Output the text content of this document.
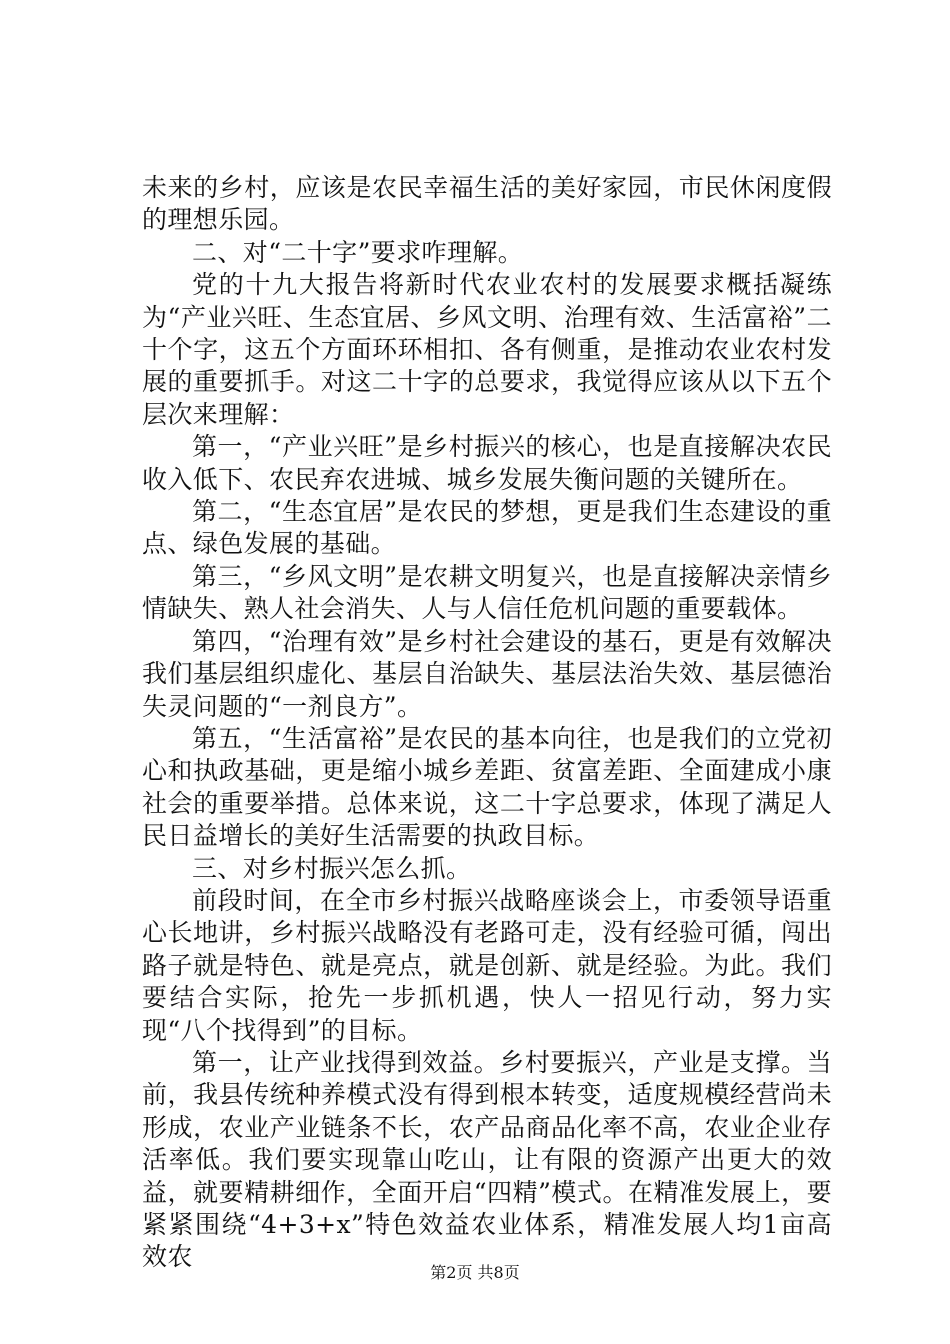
未来的乡村，应该是农民幸福生活的美好家园，市民休闲度假的理想乐园。

二、对“二十字”要求咋理解。

党的十九大报告将新时代农业农村的发展要求概括凝练为“产业兴旺、生态宜居、乡风文明、治理有效、生活富裕”二十个字，这五个方面环环相扣、各有侧重，是推动农业农村发展的重要抓手。对这二十字的总要求，我觉得应该从以下五个层次来理解：

第一，“产业兴旺”是乡村振兴的核心，也是直接解决农民收入低下、农民弃农进城、城乡发展失衡问题的关键所在。

第二，“生态宜居”是农民的梦想，更是我们生态建设的重点、绿色发展的基础。

第三，“乡风文明”是农耕文明复兴，也是直接解决亲情乡情缺失、熟人社会消失、人与人信任危机问题的重要载体。

第四，“治理有效”是乡村社会建设的基石，更是有效解决我们基层组织虚化、基层自治缺失、基层法治失效、基层德治失灵问题的“一剂良方”。

第五，“生活富裕”是农民的基本向往，也是我们的立党初心和执政基础，更是缩小城乡差距、贫富差距、全面建成小康社会的重要举措。总体来说，这二十字总要求，体现了满足人民日益增长的美好生活需要的执政目标。

三、对乡村振兴怎么抓。

前段时间，在全市乡村振兴战略座谈会上，市委领导语重心长地讲，乡村振兴战略没有老路可走，没有经验可循，闯出路子就是特色、就是亮点，就是创新、就是经验。为此。我们要结合实际，抢先一步抓机遇，快人一招见行动，努力实现“八个找得到”的目标。

第一，让产业找得到效益。乡村要振兴，产业是支撑。当前，我县传统种养模式没有得到根本转变，适度规模经营尚未形成，农业产业链条不长，农产品商品化率不高，农业企业存活率低。我们要实现靠山吃山，让有限的资源产出更大的效益，就要精耕细作，全面开启“四精”模式。在精准发展上，要紧紧围绕“4+3+x”特色效益农业体系，精准发展人均1亩高效农

第2页 共8页
